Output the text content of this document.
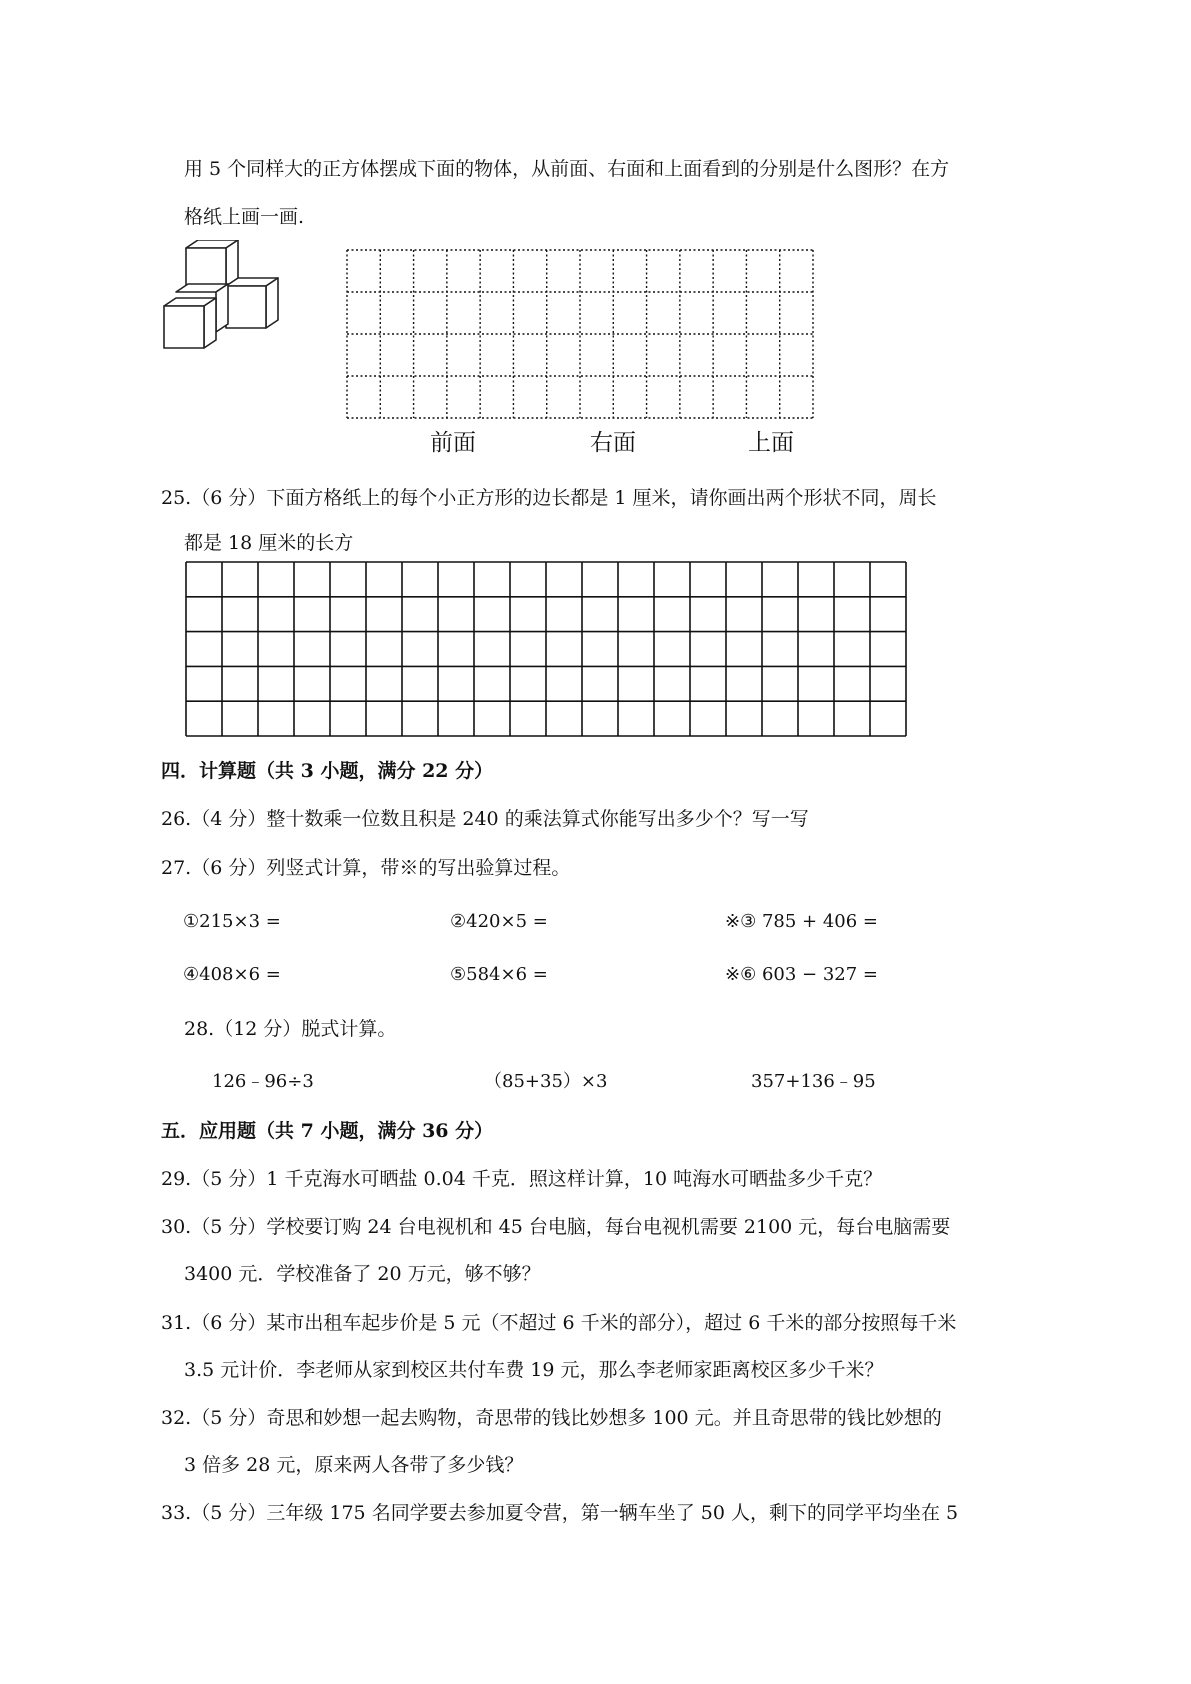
用 5 个同样大的正方体摆成下面的物体，从前面、右面和上面看到的分别是什么图形？在方
格纸上画一画.
前面	右面	上面
25.（6 分）下面方格纸上的每个小正方形的边长都是 1 厘米，请你画出两个形状不同，周长
都是 18 厘米的长方
四．计算题（共 3 小题，满分 22 分）
26.（4 分）整十数乘一位数且积是 240 的乘法算式你能写出多少个？写一写
27.（6 分）列竖式计算，带※的写出验算过程。
①215×3 =	②420×5 =	※③ 785 + 406 =
④408×6 =	⑤584×6 =	※⑥ 603 − 327 =
28.（12 分）脱式计算。
126﹣96÷3	（85+35）×3	357+136﹣95
五．应用题（共 7 小题，满分 36 分）
29.（5 分）1 千克海水可晒盐 0.04 千克．照这样计算，10 吨海水可晒盐多少千克？
30.（5 分）学校要订购 24 台电视机和 45 台电脑，每台电视机需要 2100 元，每台电脑需要
3400 元．学校准备了 20 万元，够不够？
31.（6 分）某市出租车起步价是 5 元（不超过 6 千米的部分），超过 6 千米的部分按照每千米
3.5 元计价．李老师从家到校区共付车费 19 元，那么李老师家距离校区多少千米？
32.（5 分）奇思和妙想一起去购物，奇思带的钱比妙想多 100 元。并且奇思带的钱比妙想的
3 倍多 28 元，原来两人各带了多少钱？
33.（5 分）三年级 175 名同学要去参加夏令营，第一辆车坐了 50 人，剩下的同学平均坐在 5
